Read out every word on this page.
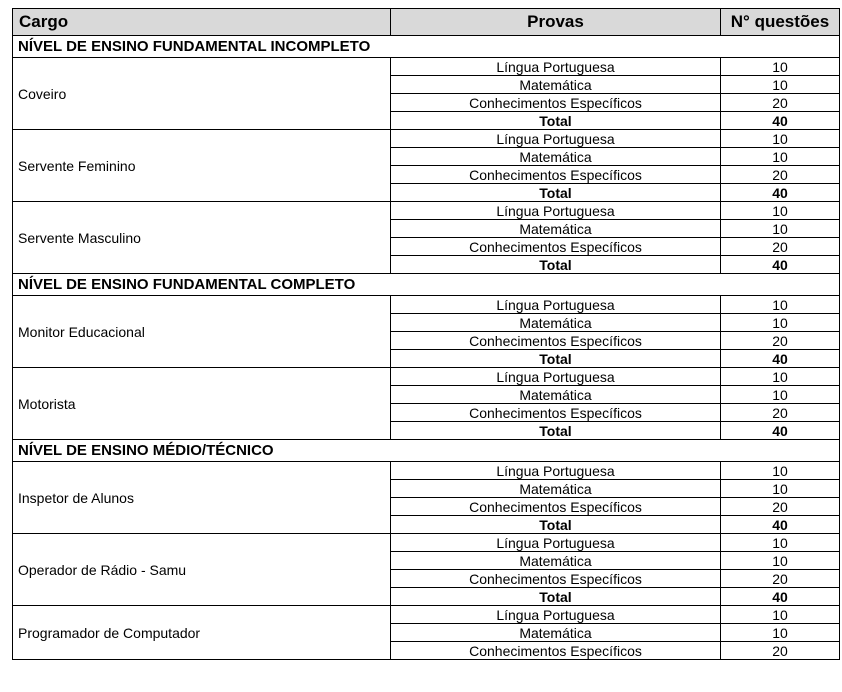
Cargo	Provas	N° questões
NÍVEL DE ENSINO FUNDAMENTAL INCOMPLETO		
Coveiro	Língua Portuguesa	10
	Matemática	10
	Conhecimentos Específicos	20
	Total	40
Servente Feminino	Língua Portuguesa	10
	Matemática	10
	Conhecimentos Específicos	20
	Total	40
Servente Masculino	Língua Portuguesa	10
	Matemática	10
	Conhecimentos Específicos	20
	Total	40
NÍVEL DE ENSINO FUNDAMENTAL COMPLETO		
Monitor Educacional	Língua Portuguesa	10
	Matemática	10
	Conhecimentos Específicos	20
	Total	40
Motorista	Língua Portuguesa	10
	Matemática	10
	Conhecimentos Específicos	20
	Total	40
NÍVEL DE ENSINO MÉDIO/TÉCNICO		
Inspetor de Alunos	Língua Portuguesa	10
	Matemática	10
	Conhecimentos Específicos	20
	Total	40
Operador de Rádio - Samu	Língua Portuguesa	10
	Matemática	10
	Conhecimentos Específicos	20
	Total	40
Programador de Computador	Língua Portuguesa	10
	Matemática	10
	Conhecimentos Específicos	20
